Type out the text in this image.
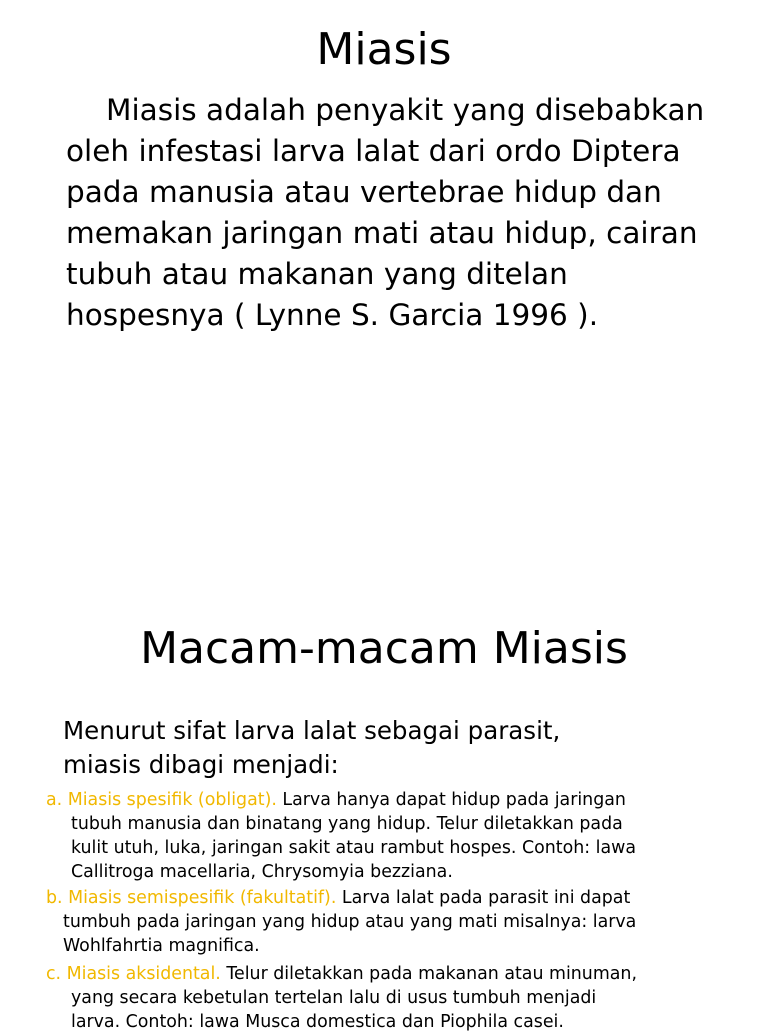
Miasis

Miasis adalah penyakit yang disebabkan oleh infestasi larva lalat dari ordo Diptera pada manusia atau vertebrae hidup dan memakan jaringan mati atau hidup, cairan tubuh atau makanan yang ditelan hospesnya ( Lynne S. Garcia 1996 ).

Macam-macam Miasis
Menurut sifat larva lalat sebagai parasit,
miasis dibagi menjadi:
a. Miasis spesifik (obligat). Larva hanya dapat hidup pada jaringan
tubuh manusia dan binatang yang hidup. Telur diletakkan pada
kulit utuh, luka, jaringan sakit atau rambut hospes. Contoh: lawa
Callitroga macellaria, Chrysomyia bezziana.
b. Miasis semispesifik (fakultatif). Larva lalat pada parasit ini dapat
tumbuh pada jaringan yang hidup atau yang mati misalnya: larva
Wohlfahrtia magnifica.
c. Miasis aksidental. Telur diletakkan pada makanan atau minuman,
yang secara kebetulan tertelan lalu di usus tumbuh menjadi
larva. Contoh: lawa Musca domestica dan Piophila casei.
